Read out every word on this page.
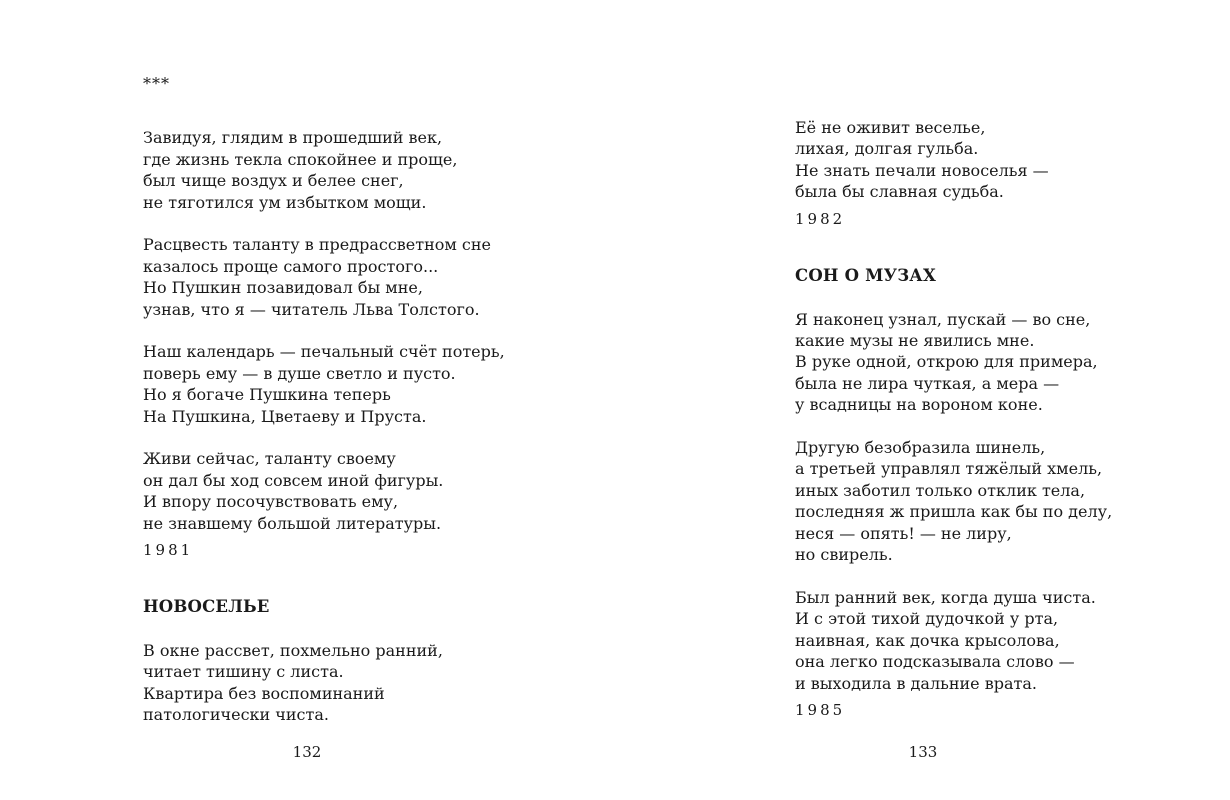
***
Завидуя, глядим в прошедший век,
где жизнь текла спокойнее и проще,
был чище воздух и белее снег,
не тяготился ум избытком мощи.
Расцвесть таланту в предрассветном сне
казалось проще самого простого...
Но Пушкин позавидовал бы мне,
узнав, что я — читатель Льва Толстого.
Наш календарь — печальный счёт потерь,
поверь ему — в душе светло и пусто.
Но я богаче Пушкина теперь
На Пушкина, Цветаеву и Пруста.
Живи сейчас, таланту своему
он дал бы ход совсем иной фигуры.
И впору посочувствовать ему,
не знавшему большой литературы.
1981
НОВОСЕЛЬЕ
В окне рассвет, похмельно ранний,
читает тишину с листа.
Квартира без воспоминаний
патологически чиста.
132
Её не оживит веселье,
лихая, долгая гульба.
Не знать печали новоселья —
была бы славная судьба.
1982
СОН О МУЗАХ
Я наконец узнал, пускай — во сне,
какие музы не явились мне.
В руке одной, открою для примера,
была не лира чуткая, а мера —
у всадницы на вороном коне.
Другую безобразила шинель,
а третьей управлял тяжёлый хмель,
иных заботил только отклик тела,
последняя ж пришла как бы по делу,
неся — опять! — не лиру,
но свирель.
Был ранний век, когда душа чиста.
И с этой тихой дудочкой у рта,
наивная, как дочка крысолова,
она легко подсказывала слово —
и выходила в дальние врата.
1985
133
